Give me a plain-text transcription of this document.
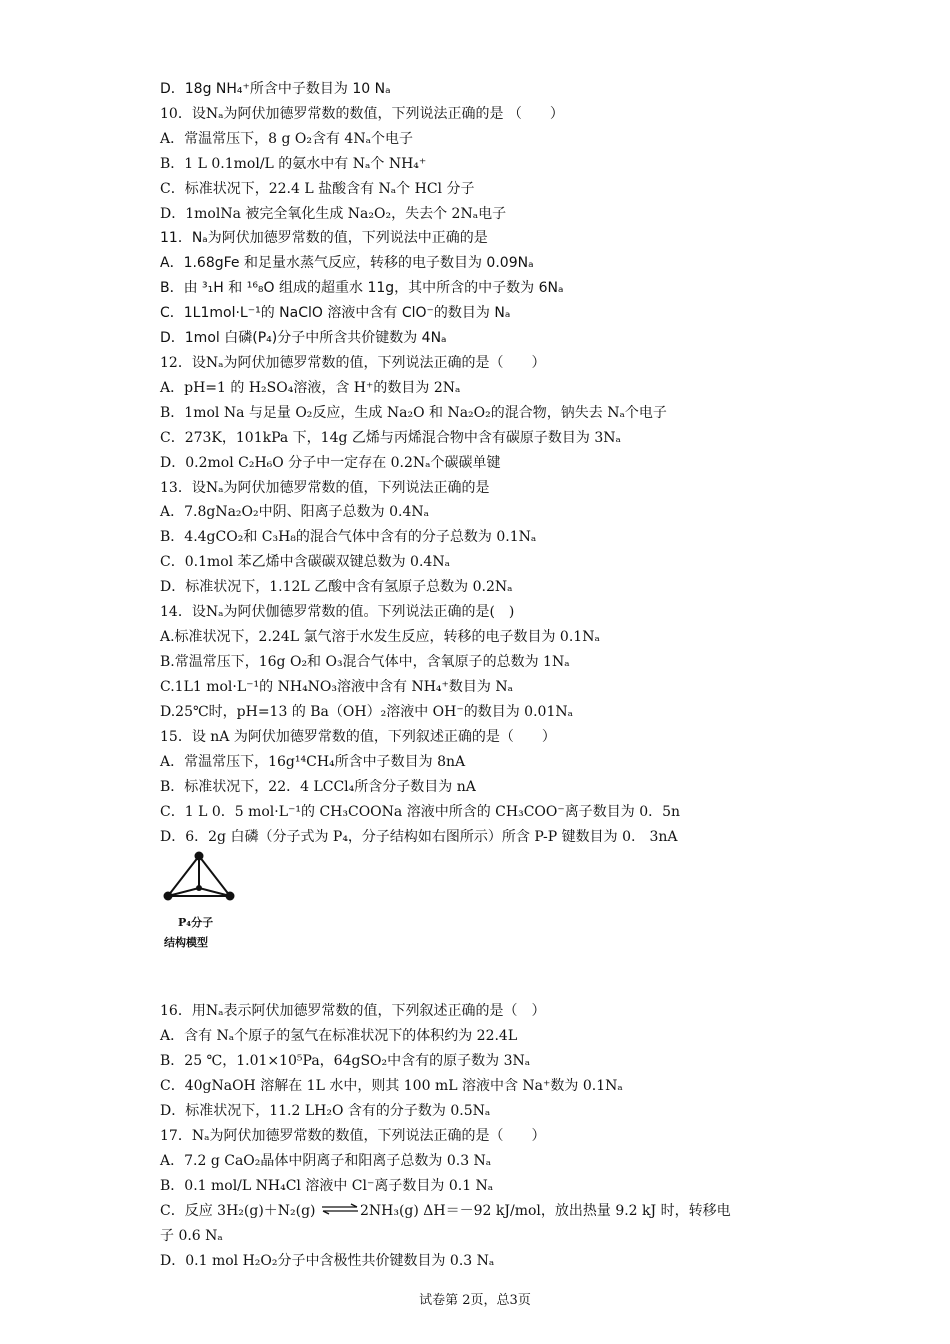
D．18g NH₄⁺所含中子数目为 10 Nₐ
10．设Nₐ为阿伏加德罗常数的数值，下列说法正确的是 （　　）
A．常温常压下，8 g O₂含有 4Nₐ个电子
B．1 L 0.1mol/L 的氨水中有 Nₐ个 NH₄⁺
C．标准状况下，22.4 L 盐酸含有 Nₐ个 HCl 分子
D．1molNa 被完全氧化生成 Na₂O₂，失去个 2Nₐ电子
11．Nₐ为阿伏加德罗常数的值，下列说法中正确的是
A．1.68gFe 和足量水蒸气反应，转移的电子数目为 0.09Nₐ
B．由 ³₁H 和 ¹⁶₈O 组成的超重水 11g，其中所含的中子数为 6Nₐ
C．1L1mol·L⁻¹的 NaClO 溶液中含有 ClO⁻的数目为 Nₐ
D．1mol 白磷(P₄)分子中所含共价键数为 4Nₐ
12．设Nₐ为阿伏加德罗常数的值，下列说法正确的是（　　）
A．pH=1 的 H₂SO₄溶液，含 H⁺的数目为 2Nₐ
B．1mol Na 与足量 O₂反应，生成 Na₂O 和 Na₂O₂的混合物，钠失去 Nₐ个电子
C．273K，101kPa 下，14g 乙烯与丙烯混合物中含有碳原子数目为 3Nₐ
D．0.2mol C₂H₆O 分子中一定存在 0.2Nₐ个碳碳单键
13．设Nₐ为阿伏加德罗常数的值，下列说法正确的是
A．7.8gNa₂O₂中阴、阳离子总数为 0.4Nₐ
B．4.4gCO₂和 C₃H₈的混合气体中含有的分子总数为 0.1Nₐ
C．0.1mol 苯乙烯中含碳碳双键总数为 0.4Nₐ
D．标准状况下，1.12L 乙酸中含有氢原子总数为 0.2Nₐ
14．设Nₐ为阿伏伽德罗常数的值。下列说法正确的是(　)
A.标准状况下，2.24L 氯气溶于水发生反应，转移的电子数目为 0.1Nₐ
B.常温常压下，16g O₂和 O₃混合气体中，含氧原子的总数为 1Nₐ
C.1L1 mol·L⁻¹的 NH₄NO₃溶液中含有 NH₄⁺数目为 Nₐ
D.25℃时，pH=13 的 Ba（OH）₂溶液中 OH⁻的数目为 0.01Nₐ
15．设 nA 为阿伏加德罗常数的值，下列叙述正确的是（　　）
A．常温常压下，16g¹⁴CH₄所含中子数目为 8nA
B．标准状况下，22．4 LCCl₄所含分子数目为 nA
C．1 L 0．5 mol·L⁻¹的 CH₃COONa 溶液中所含的 CH₃COO⁻离子数目为 0．5n
D．6．2g 白磷（分子式为 P₄，分子结构如右图所示）所含 P-P 键数目为 0.　3nA
P₄分子
结构模型
16．用Nₐ表示阿伏加德罗常数的值，下列叙述正确的是（　）
A．含有 Nₐ个原子的氢气在标准状况下的体积约为 22.4L
B．25 ℃，1.01×10⁵Pa，64gSO₂中含有的原子数为 3Nₐ
C．40gNaOH 溶解在 1L 水中，则其 100 mL 溶液中含 Na⁺数为 0.1Nₐ
D．标准状况下，11.2 LH₂O 含有的分子数为 0.5Nₐ
17．Nₐ为阿伏加德罗常数的数值，下列说法正确的是（　　）
A．7.2 g CaO₂晶体中阴离子和阳离子总数为 0.3 Nₐ
B．0.1 mol/L NH₄Cl 溶液中 Cl⁻离子数目为 0.1 Nₐ
C．反应 3H₂(g)＋N₂(g) ⇌2NH₃(g) ΔH＝－92 kJ/mol，放出热量 9.2 kJ 时，转移电
子 0.6 Nₐ
D．0.1 mol H₂O₂分子中含极性共价键数目为 0.3 Nₐ
试卷第 2页，总3页
